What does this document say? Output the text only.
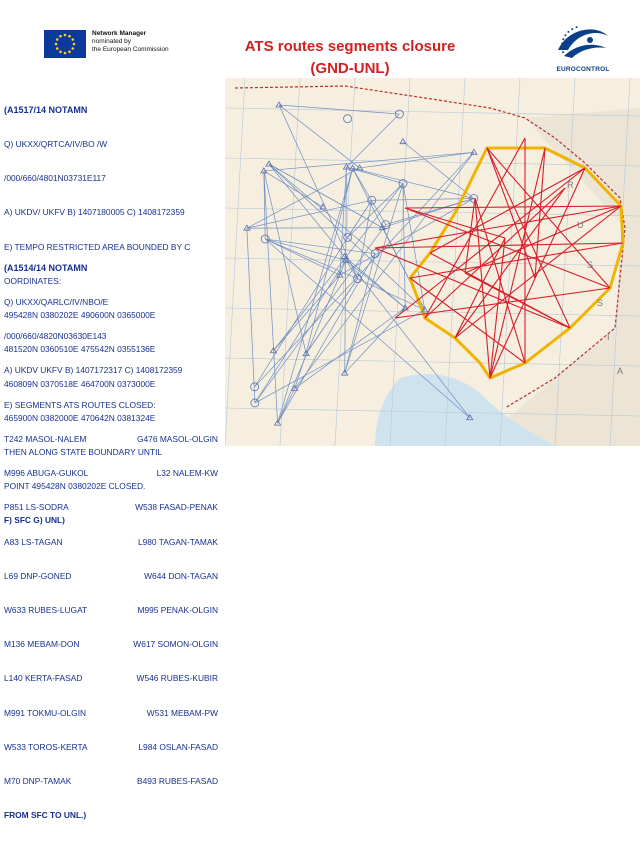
Network Manager
nominated by
the European Commission	ATS routes segments closure
(GND-UNL)	EUROCONTROL

(A1517/14 NOTAMN

Q) UKXX/QRTCA/IV/BO /W

/000/660/4801N03731E117

A) UKDV/ UKFV B) 1407180005 C) 1408172359

E) TEMPO RESTRICTED AREA BOUNDED BY C

OORDINATES:

495428N 0380202E 490600N 0365000E

481520N 0360510E 475542N 0355136E

460809N 0370518E 464700N 0373000E

465900N 0382000E 470642N 0381324E

THEN ALONG STATE BOUNDARY UNTIL

POINT 495428N 0380202E CLOSED.

F) SFC G) UNL)

(A1514/14 NOTAMN

Q) UKXX/QARLC/IV/NBO/E

/000/660/4820N03630E143

A) UKDV UKFV B) 1407172317 C) 1408172359

E) SEGMENTS ATS ROUTES CLOSED:

T242 MASOL-NALEM	G476 MASOL-OLGIN

M996 ABUGA-GUKOL	L32 NALEM-KW

P851 LS-SODRA	W538 FASAD-PENAK

A83 LS-TAGAN	L980 TAGAN-TAMAK

L69 DNP-GONED	W644 DON-TAGAN

W633 RUBES-LUGAT	M995 PENAK-OLGIN

M136 MEBAM-DON	W617 SOMON-OLGIN

L140 KERTA-FASAD	W546 RUBES-KUBIR

M991 TOKMU-OLGIN	W531 MEBAM-PW

W533 TOROS-KERTA	L984 OSLAN-FASAD

M70 DNP-TAMAK	B493 RUBES-FASAD

FROM SFC TO UNL.)

R
U
S
S
I
A
